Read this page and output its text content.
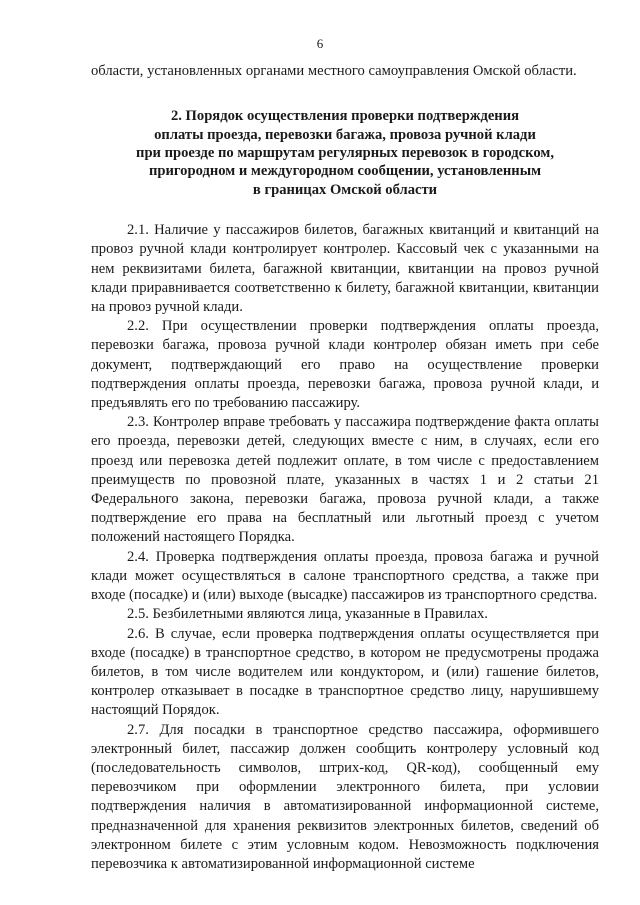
6

области, установленных органами местного самоуправления Омской области.

2. Порядок осуществления проверки подтверждения
оплаты проезда, перевозки багажа, провоза ручной клади
при проезде по маршрутам регулярных перевозок в городском,
пригородном и междугородном сообщении, установленным
в границах Омской области

2.1. Наличие у пассажиров билетов, багажных квитанций и квитанций на провоз ручной клади контролирует контролер. Кассовый чек с указанными на нем реквизитами билета, багажной квитанции, квитанции на провоз ручной клади приравнивается соответственно к билету, багажной квитанции, квитанции на провоз ручной клади.

2.2. При осуществлении проверки подтверждения оплаты проезда, перевозки багажа, провоза ручной клади контролер обязан иметь при себе документ, подтверждающий его право на осуществление проверки подтверждения оплаты проезда, перевозки багажа, провоза ручной клади, и предъявлять его по требованию пассажиру.

2.3. Контролер вправе требовать у пассажира подтверждение факта оплаты его проезда, перевозки детей, следующих вместе с ним, в случаях, если его проезд или перевозка детей подлежит оплате, в том числе с предоставлением преимуществ по провозной плате, указанных в частях 1 и 2 статьи 21 Федерального закона, перевозки багажа, провоза ручной клади, а также подтверждение его права на бесплатный или льготный проезд с учетом положений настоящего Порядка.

2.4. Проверка подтверждения оплаты проезда, провоза багажа и ручной клади может осуществляться в салоне транспортного средства, а также при входе (посадке) и (или) выходе (высадке) пассажиров из транспортного средства.

2.5. Безбилетными являются лица, указанные в Правилах.

2.6. В случае, если проверка подтверждения оплаты осуществляется при входе (посадке) в транспортное средство, в котором не предусмотрены продажа билетов, в том числе водителем или кондуктором, и (или) гашение билетов, контролер отказывает в посадке в транспортное средство лицу, нарушившему настоящий Порядок.

2.7. Для посадки в транспортное средство пассажира, оформившего электронный билет, пассажир должен сообщить контролеру условный код (последовательность символов, штрих-код, QR-код), сообщенный ему перевозчиком при оформлении электронного билета, при условии подтверждения наличия в автоматизированной информационной системе, предназначенной для хранения реквизитов электронных билетов, сведений об электронном билете с этим условным кодом. Невозможность подключения перевозчика к автоматизированной информационной системе
